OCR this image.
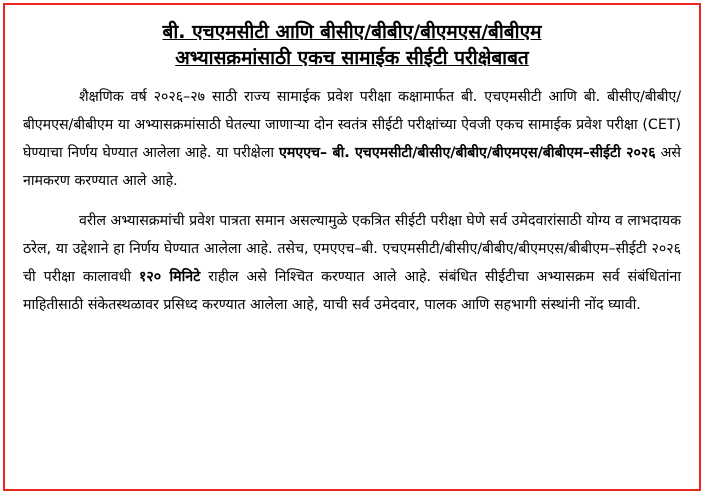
बी. एचएमसीटी आणि बीसीए/बीबीए/बीएमएस/बीबीएम
अभ्यासक्रमांसाठी एकच सामाईक सीईटी परीक्षेबाबत

शैक्षणिक वर्ष २०२६–२७ साठी राज्य सामाईक प्रवेश परीक्षा कक्षामार्फत बी. एचएमसीटी आणि बी. बीसीए/बीबीए/बीएमएस/बीबीएम या अभ्यासक्रमांसाठी घेतल्या जाणाऱ्या दोन स्वतंत्र सीईटी परीक्षांच्या ऐवजी एकच सामाईक प्रवेश परीक्षा (CET) घेण्याचा निर्णय घेण्यात आलेला आहे. या परीक्षेला एमएएच– बी. एचएमसीटी/बीसीए/बीबीए/बीएमएस/बीबीएम–सीईटी २०२६ असे नामकरण करण्यात आले आहे.

वरील अभ्यासक्रमांची प्रवेश पात्रता समान असल्यामुळे एकत्रित सीईटी परीक्षा घेणे सर्व उमेदवारांसाठी योग्य व लाभदायक ठरेल, या उद्देशाने हा निर्णय घेण्यात आलेला आहे. तसेच, एमएएच–बी. एचएमसीटी/बीसीए/बीबीए/बीएमएस/बीबीएम–सीईटी २०२६ ची परीक्षा कालावधी १२० मिनिटे राहील असे निश्चित करण्यात आले आहे. संबंधित सीईटीचा अभ्यासक्रम सर्व संबंधितांना माहितीसाठी संकेतस्थळावर प्रसिध्द करण्यात आलेला आहे, याची सर्व उमेदवार, पालक आणि सहभागी संस्थांनी नोंद घ्यावी.
